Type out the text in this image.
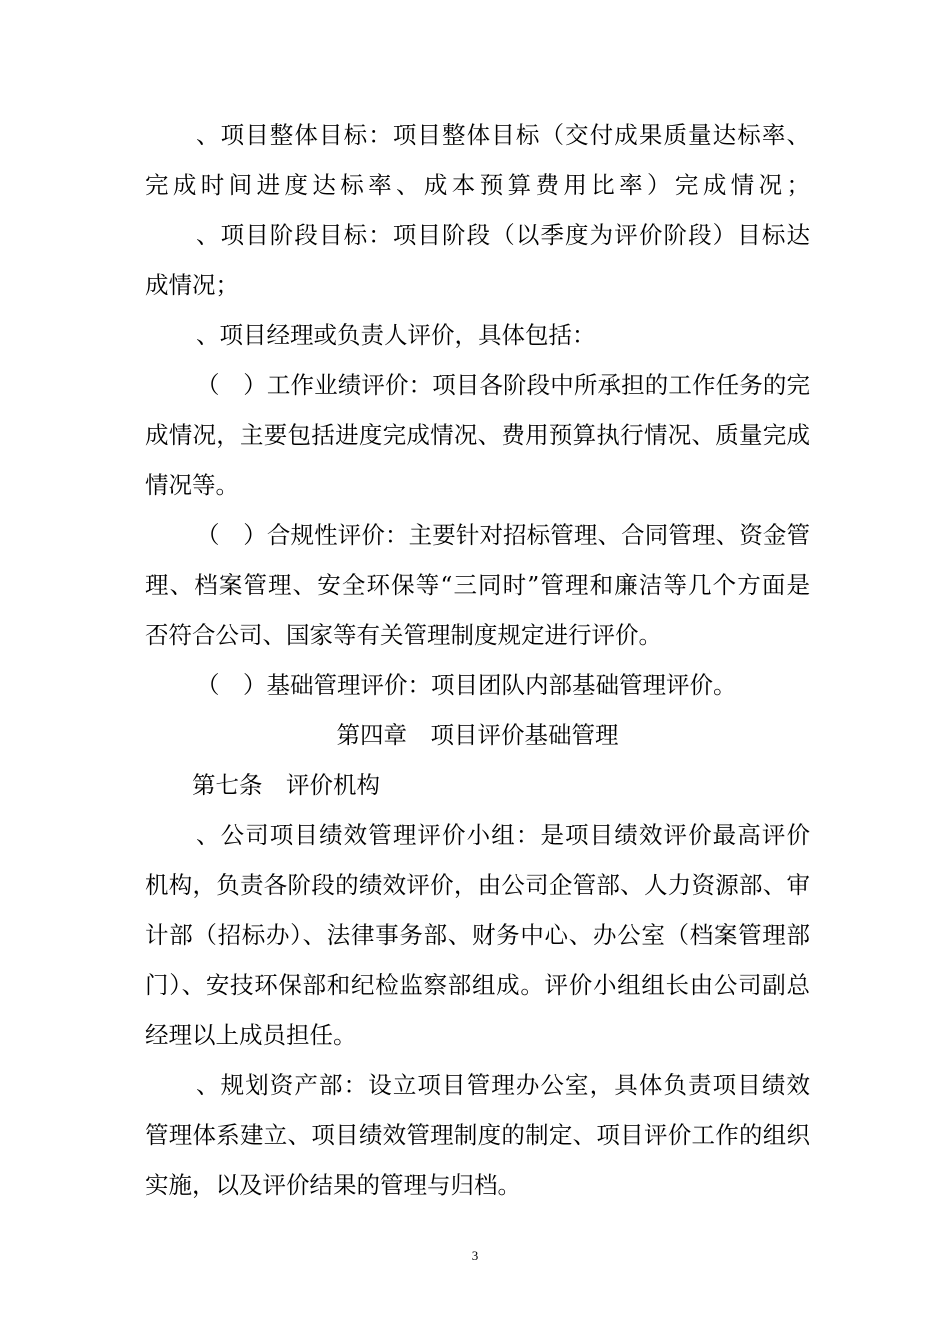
、项目整体目标：项目整体目标（交付成果质量达标率、
完成时间进度达标率、成本预算费用比率）完成情况；
、项目阶段目标：项目阶段（以季度为评价阶段）目标达
成情况；
、项目经理或负责人评价，具体包括：
（　）工作业绩评价：项目各阶段中所承担的工作任务的完
成情况，主要包括进度完成情况、费用预算执行情况、质量完成
情况等。
（　）合规性评价：主要针对招标管理、合同管理、资金管
理、档案管理、安全环保等“三同时”管理和廉洁等几个方面是
否符合公司、国家等有关管理制度规定进行评价。
（　）基础管理评价：项目团队内部基础管理评价。
第四章　项目评价基础管理
第七条　评价机构
、公司项目绩效管理评价小组：是项目绩效评价最高评价
机构，负责各阶段的绩效评价，由公司企管部、人力资源部、审
计部（招标办）、法律事务部、财务中心、办公室（档案管理部
门）、安技环保部和纪检监察部组成。评价小组组长由公司副总
经理以上成员担任。
、规划资产部：设立项目管理办公室，具体负责项目绩效
管理体系建立、项目绩效管理制度的制定、项目评价工作的组织
实施，以及评价结果的管理与归档。
3
